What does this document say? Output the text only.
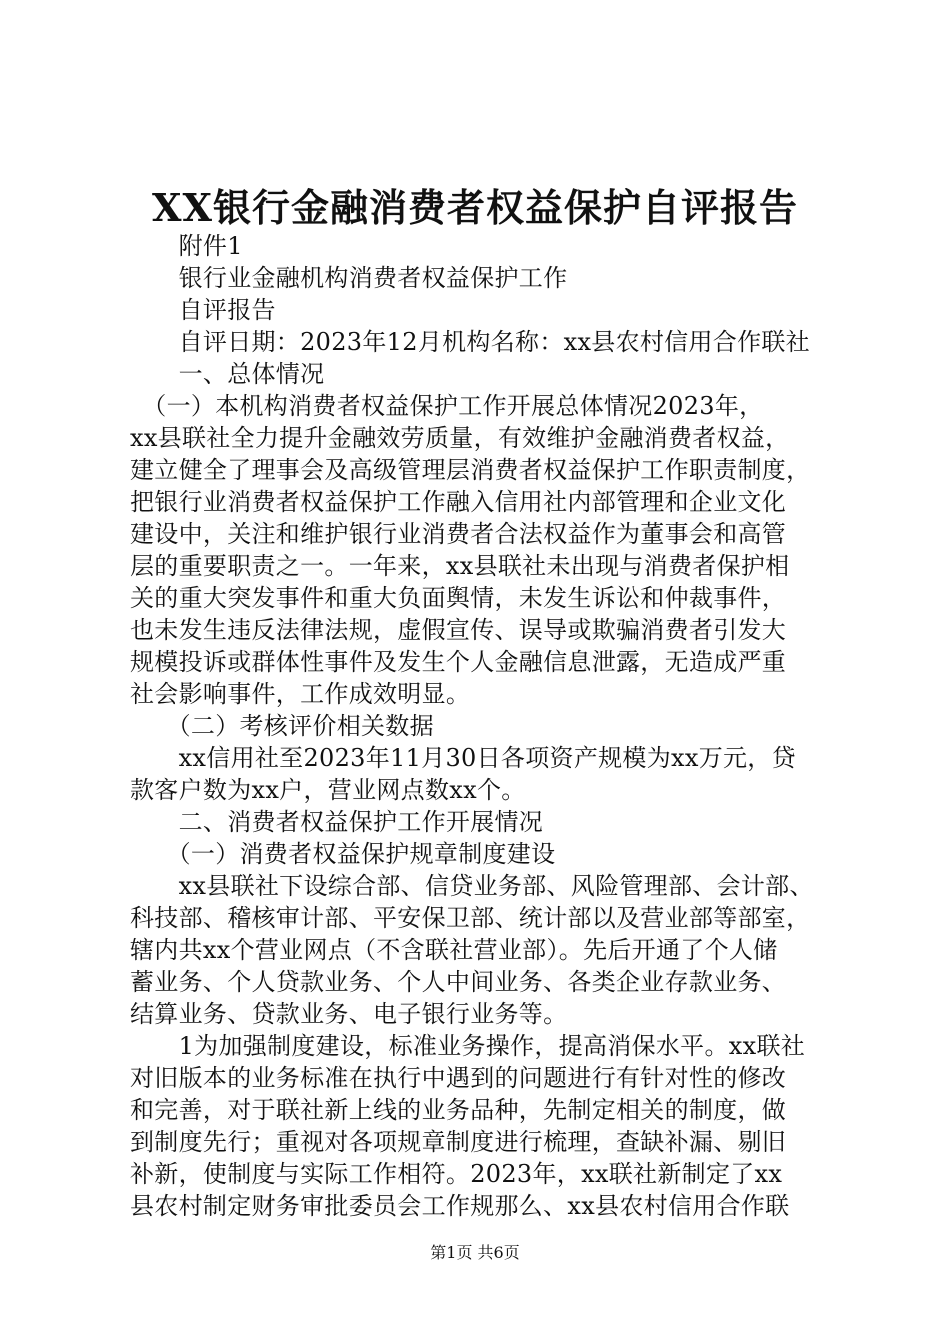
XX银行金融消费者权益保护自评报告
　　附件1
　　银行业金融机构消费者权益保护工作
　　自评报告
　　自评日期：2023年12月机构名称：xx县农村信用合作联社
　　一、总体情况
　（一）本机构消费者权益保护工作开展总体情况2023年，
xx县联社全力提升金融效劳质量，有效维护金融消费者权益，
建立健全了理事会及高级管理层消费者权益保护工作职责制度，
把银行业消费者权益保护工作融入信用社内部管理和企业文化
建设中，关注和维护银行业消费者合法权益作为董事会和高管
层的重要职责之一。一年来，xx县联社未出现与消费者保护相
关的重大突发事件和重大负面舆情，未发生诉讼和仲裁事件，
也未发生违反法律法规，虚假宣传、误导或欺骗消费者引发大
规模投诉或群体性事件及发生个人金融信息泄露，无造成严重
社会影响事件，工作成效明显。
　　（二）考核评价相关数据
　　xx信用社至2023年11月30日各项资产规模为xx万元，贷
款客户数为xx户，营业网点数xx个。
　　二、消费者权益保护工作开展情况
　　（一）消费者权益保护规章制度建设
　　xx县联社下设综合部、信贷业务部、风险管理部、会计部、
科技部、稽核审计部、平安保卫部、统计部以及营业部等部室，
辖内共xx个营业网点（不含联社营业部）。先后开通了个人储
蓄业务、个人贷款业务、个人中间业务、各类企业存款业务、
结算业务、贷款业务、电子银行业务等。
　　1为加强制度建设，标准业务操作，提高消保水平。xx联社
对旧版本的业务标准在执行中遇到的问题进行有针对性的修改
和完善，对于联社新上线的业务品种，先制定相关的制度，做
到制度先行；重视对各项规章制度进行梳理，查缺补漏、剔旧
补新，使制度与实际工作相符。2023年，xx联社新制定了xx
县农村制定财务审批委员会工作规那么、xx县农村信用合作联
第1页 共6页
